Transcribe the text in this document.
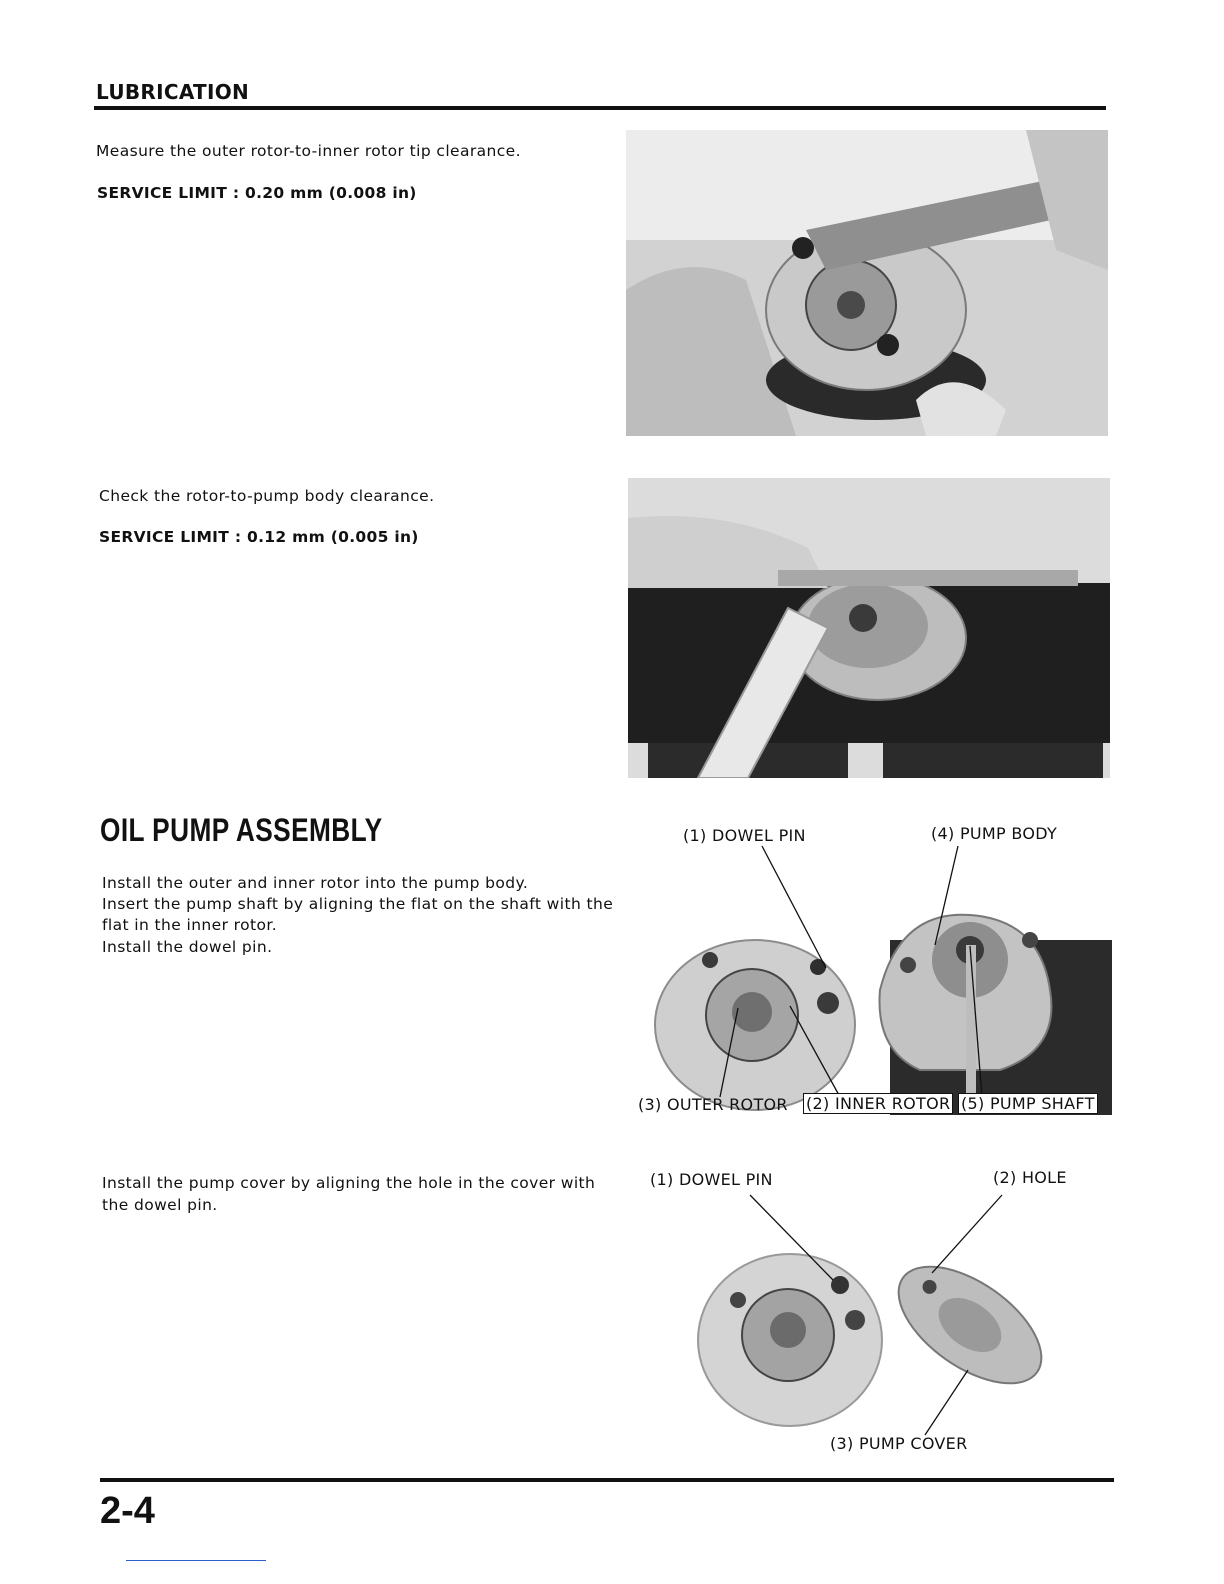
LUBRICATION

Measure the outer rotor-to-inner rotor tip clearance.

SERVICE LIMIT : 0.20 mm (0.008 in)

Check the rotor-to-pump body clearance.

SERVICE LIMIT : 0.12 mm (0.005 in)

OIL PUMP ASSEMBLY

Install the outer and inner rotor into the pump body.

Insert the pump shaft by aligning the flat on the shaft with the

flat in the inner rotor.

Install the dowel pin.

(1) DOWEL PIN	(4) PUMP BODY
(3) OUTER ROTOR (2) INNER ROTOR (5) PUMP SHAFT

Install the pump cover by aligning the hole in the cover with

the dowel pin.

(1) DOWEL PIN	(2) HOLE
(3) PUMP COVER

2-4
